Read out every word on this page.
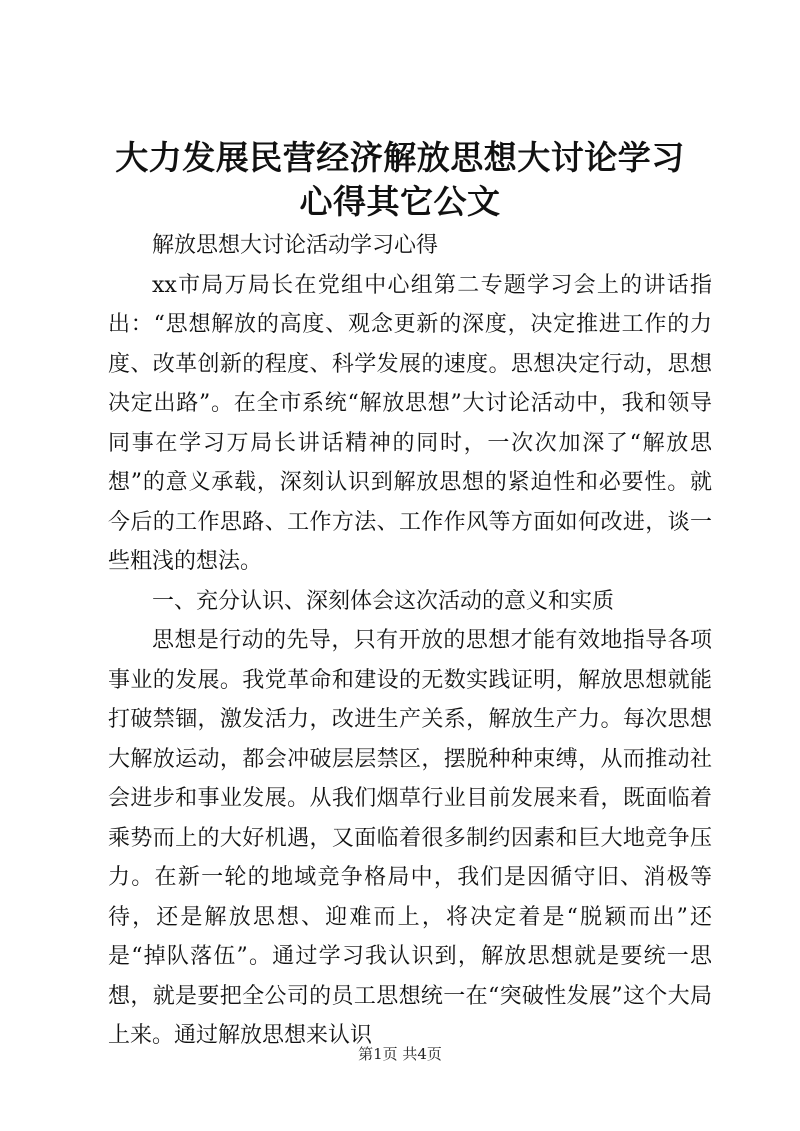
大力发展民营经济解放思想大讨论学习心得其它公文

解放思想大讨论活动学习心得

xx市局万局长在党组中心组第二专题学习会上的讲话指出：“思想解放的高度、观念更新的深度，决定推进工作的力度、改革创新的程度、科学发展的速度。思想决定行动，思想决定出路”。在全市系统“解放思想”大讨论活动中，我和领导同事在学习万局长讲话精神的同时，一次次加深了“解放思想”的意义承载，深刻认识到解放思想的紧迫性和必要性。就今后的工作思路、工作方法、工作作风等方面如何改进，谈一些粗浅的想法。

一、充分认识、深刻体会这次活动的意义和实质

思想是行动的先导，只有开放的思想才能有效地指导各项事业的发展。我党革命和建设的无数实践证明，解放思想就能打破禁锢，激发活力，改进生产关系，解放生产力。每次思想大解放运动，都会冲破层层禁区，摆脱种种束缚，从而推动社会进步和事业发展。从我们烟草行业目前发展来看，既面临着乘势而上的大好机遇，又面临着很多制约因素和巨大地竞争压力。在新一轮的地域竞争格局中，我们是因循守旧、消极等待，还是解放思想、迎难而上，将决定着是“脱颖而出”还是“掉队落伍”。通过学习我认识到，解放思想就是要统一思想，就是要把全公司的员工思想统一在“突破性发展”这个大局上来。通过解放思想来认识

第1页 共4页
